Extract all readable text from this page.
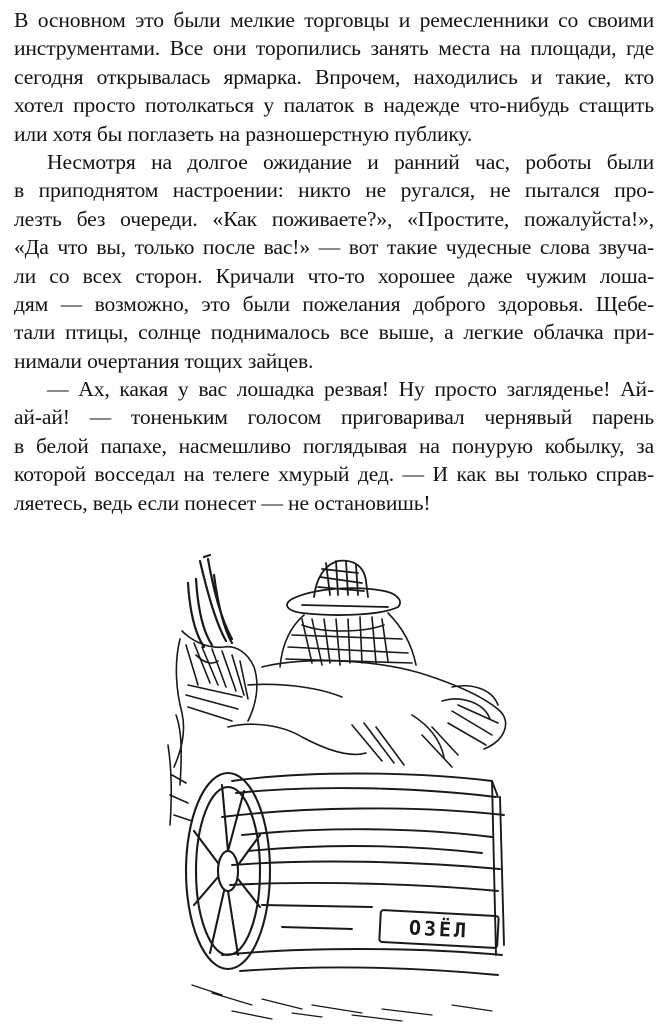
В основном это были мелкие торговцы и ремесленники со своими
инструментами. Все они торопились занять места на площади, где
сегодня открывалась ярмарка. Впрочем, находились и такие, кто
хотел просто потолкаться у палаток в надежде что-нибудь стащить
или хотя бы поглазеть на разношерстную публику.

Несмотря на долгое ожидание и ранний час, роботы были
в приподнятом настроении: никто не ругался, не пытался про-
лезть без очереди. «Как поживаете?», «Простите, пожалуйста!»,
«Да что вы, только после вас!» — вот такие чудесные слова звуча-
ли со всех сторон. Кричали что-то хорошее даже чужим лоша-
дям — возможно, это были пожелания доброго здоровья. Щебе-
тали птицы, солнце поднималось все выше, а легкие облачка при-
нимали очертания тощих зайцев.

— Ах, какая у вас лошадка резвая! Ну просто загляденье! Ай-
ай-ай! — тоненьким голосом приговаривал чернявый парень
в белой папахе, насмешливо поглядывая на понурую кобылку, за
которой восседал на телеге хмурый дед. — И как вы только справ-
ляетесь, ведь если понесет — не остановишь!

ОЗЁЛ
